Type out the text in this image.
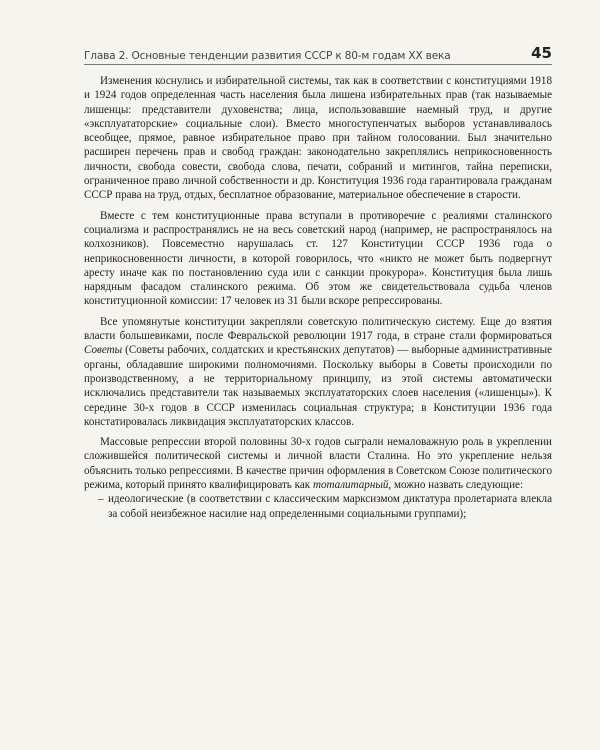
Глава 2. Основные тенденции развития СССР к 80-м годам XX века	45

Изменения коснулись и избирательной системы, так как в соответствии с конституциями 1918 и 1924 годов определенная часть населения была лишена избирательных прав (так называемые лишенцы: представители духовенства; лица, использовавшие наемный труд, и другие «эксплуататорские» социальные слои). Вместо многоступенчатых выборов устанавливалось всеобщее, прямое, равное избирательное право при тайном голосовании. Был значительно расширен перечень прав и свобод граждан: законодательно закреплялись неприкосновенность личности, свобода совести, свобода слова, печати, собраний и митингов, тайна переписки, ограниченное право личной собственности и др. Конституция 1936 года гарантировала гражданам СССР права на труд, отдых, бесплатное образование, материальное обеспечение в старости.

Вместе с тем конституционные права вступали в противоречие с реалиями сталинского социализма и распространялись не на весь советский народ (например, не распространялось на колхозников). Повсеместно нарушалась ст. 127 Конституции СССР 1936 года о неприкосновенности личности, в которой говорилось, что «никто не может быть подвергнут аресту иначе как по постановлению суда или с санкции прокурора». Конституция была лишь нарядным фасадом сталинского режима. Об этом же свидетельствовала судьба членов конституционной комиссии: 17 человек из 31 были вскоре репрессированы.

Все упомянутые конституции закрепляли советскую политическую систему. Еще до взятия власти большевиками, после Февральской революции 1917 года, в стране стали формироваться Советы (Советы рабочих, солдатских и крестьянских депутатов) — выборные административные органы, обладавшие широкими полномочиями. Поскольку выборы в Советы происходили по производственному, а не территориальному принципу, из этой системы автоматически исключались представители так называемых эксплуататорских слоев населения («лишенцы»). К середине 30-х годов в СССР изменилась социальная структура; в Конституции 1936 года констатировалась ликвидация эксплуататорских классов.

Массовые репрессии второй половины 30-х годов сыграли немаловажную роль в укреплении сложившейся политической системы и личной власти Сталина. Но это укрепление нельзя объяснить только репрессиями. В качестве причин оформления в Советском Союзе политического режима, который принято квалифицировать как тоталитарный, можно назвать следующие:

– идеологические (в соответствии с классическим марксизмом диктатура пролетариата влекла за собой неизбежное насилие над определенными социальными группами);
